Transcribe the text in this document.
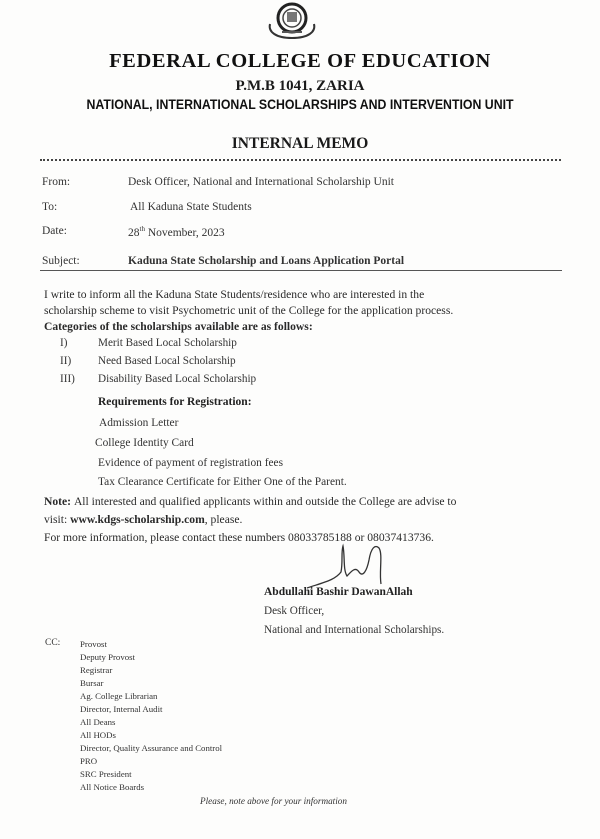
FEDERAL COLLEGE OF EDUCATION
P.M.B 1041, ZARIA
NATIONAL, INTERNATIONAL SCHOLARSHIPS AND INTERVENTION UNIT
INTERNAL MEMO
From:	Desk Officer, National and International Scholarship Unit
To:	All Kaduna State Students
Date:	28th November, 2023
Subject:	Kaduna State Scholarship and Loans Application Portal
I write to inform all the Kaduna State Students/residence who are interested in the
scholarship scheme to visit Psychometric unit of the College for the application process.
Categories of the scholarships available are as follows:
I)	Merit Based Local Scholarship
II) Need Based Local Scholarship
III) Disability Based Local Scholarship
Requirements for Registration:
Admission Letter
College Identity Card
Evidence of payment of registration fees
Tax Clearance Certificate for Either One of the Parent.
Note: All interested and qualified applicants within and outside the College are advise to
visit: www.kdgs-scholarship.com, please.
For more information, please contact these numbers 08033785188 or 08037413736.
Abdullahi Bashir DawanAllah
Desk Officer,
National and International Scholarships.
CC: Provost
Deputy Provost
Registrar
Bursar
Ag. College Librarian
Director, Internal Audit
All Deans
All HODs
Director, Quality Assurance and Control
PRO
SRC President
All Notice Boards
Please, note above for your information
